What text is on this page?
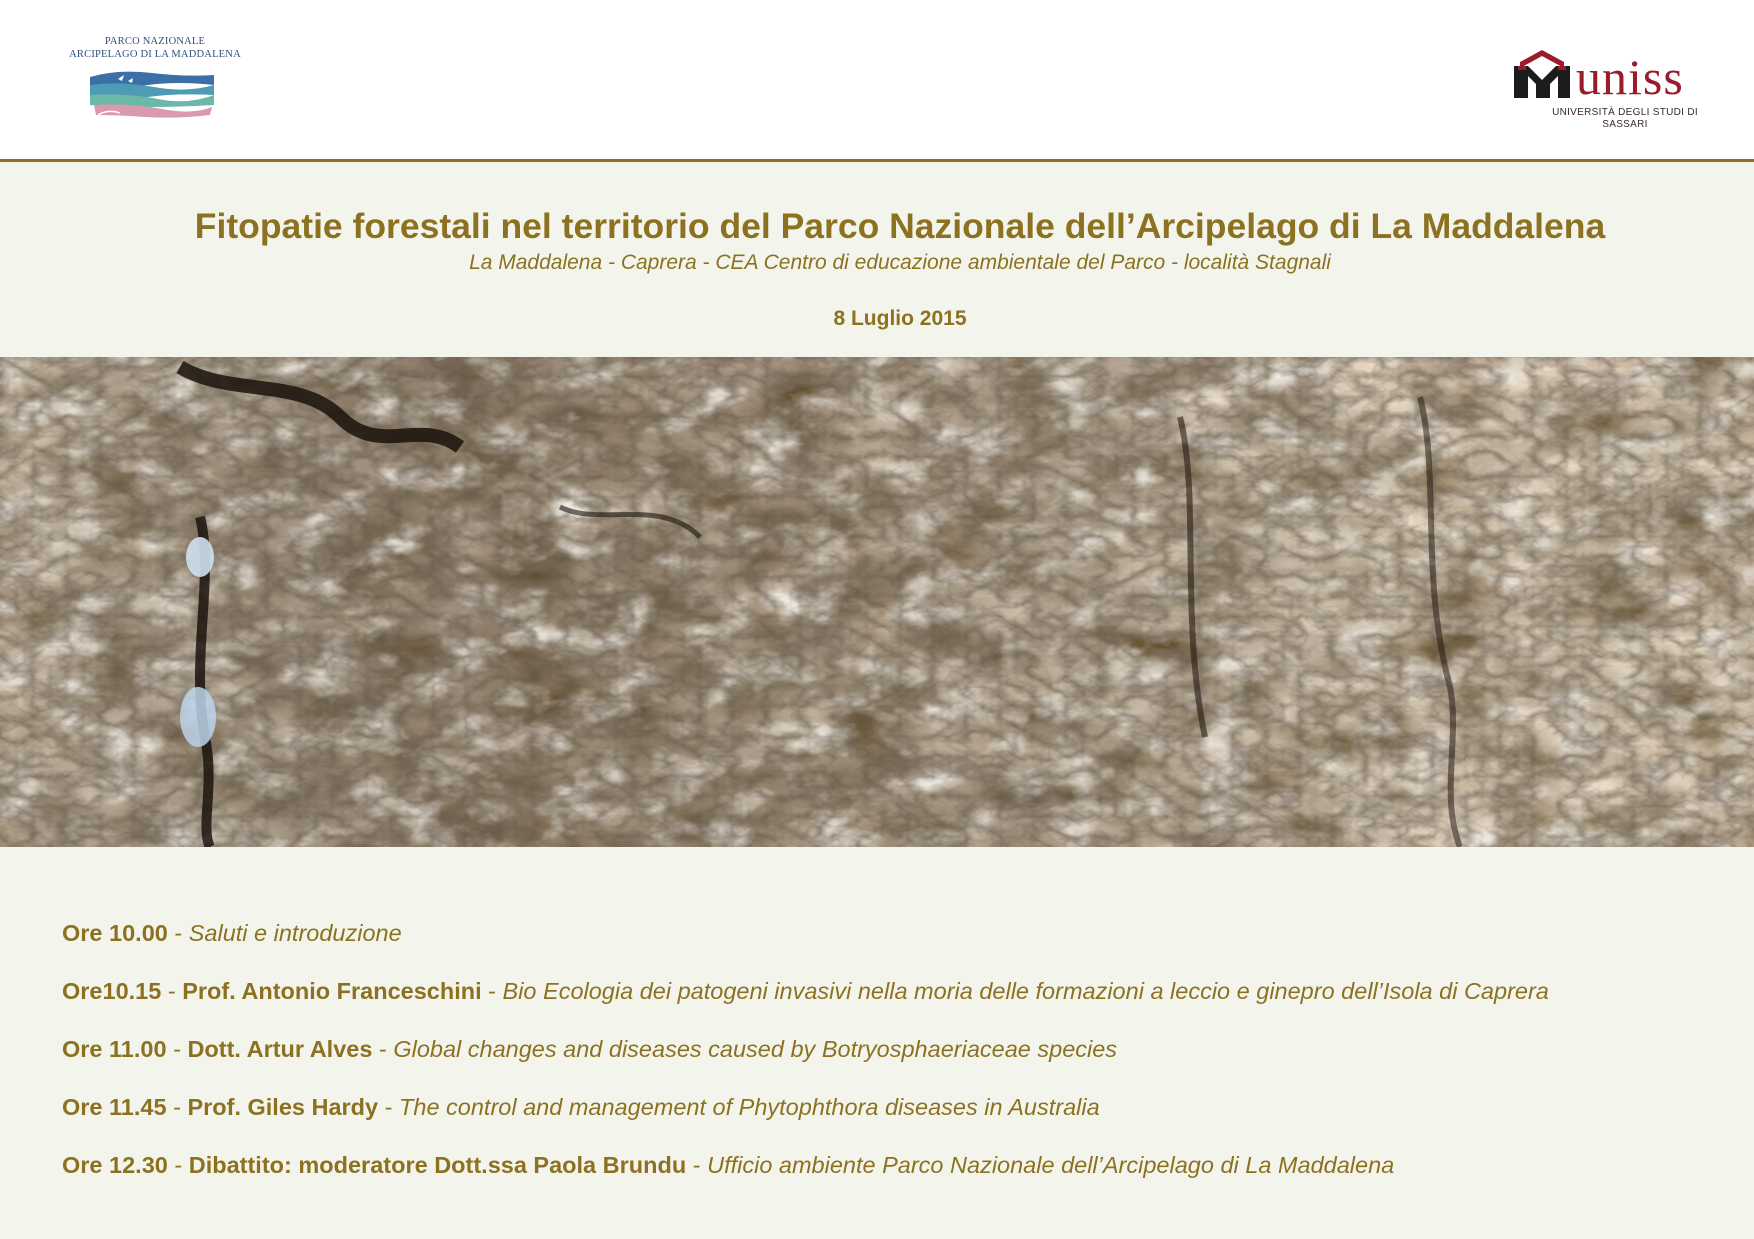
PARCO NAZIONALE
ARCIPELAGO DI LA MADDALENA	uniss
UNIVERSITÀ DEGLI STUDI DI SASSARI
Fitopatie forestali nel territorio del Parco Nazionale dell’Arcipelago di La Maddalena
La Maddalena - Caprera - CEA Centro di educazione ambientale del Parco - località Stagnali
8 Luglio 2015
Ore 10.00 - Saluti e introduzione
Ore10.15 - Prof. Antonio Franceschini - Bio Ecologia dei patogeni invasivi nella moria delle formazioni a leccio e ginepro dell’Isola di Caprera
Ore 11.00 - Dott. Artur Alves - Global changes and diseases caused by Botryosphaeriaceae species
Ore 11.45 - Prof. Giles Hardy - The control and management of Phytophthora diseases in Australia
Ore 12.30 - Dibattito: moderatore Dott.ssa Paola Brundu - Ufficio ambiente Parco Nazionale dell’Arcipelago di La Maddalena
